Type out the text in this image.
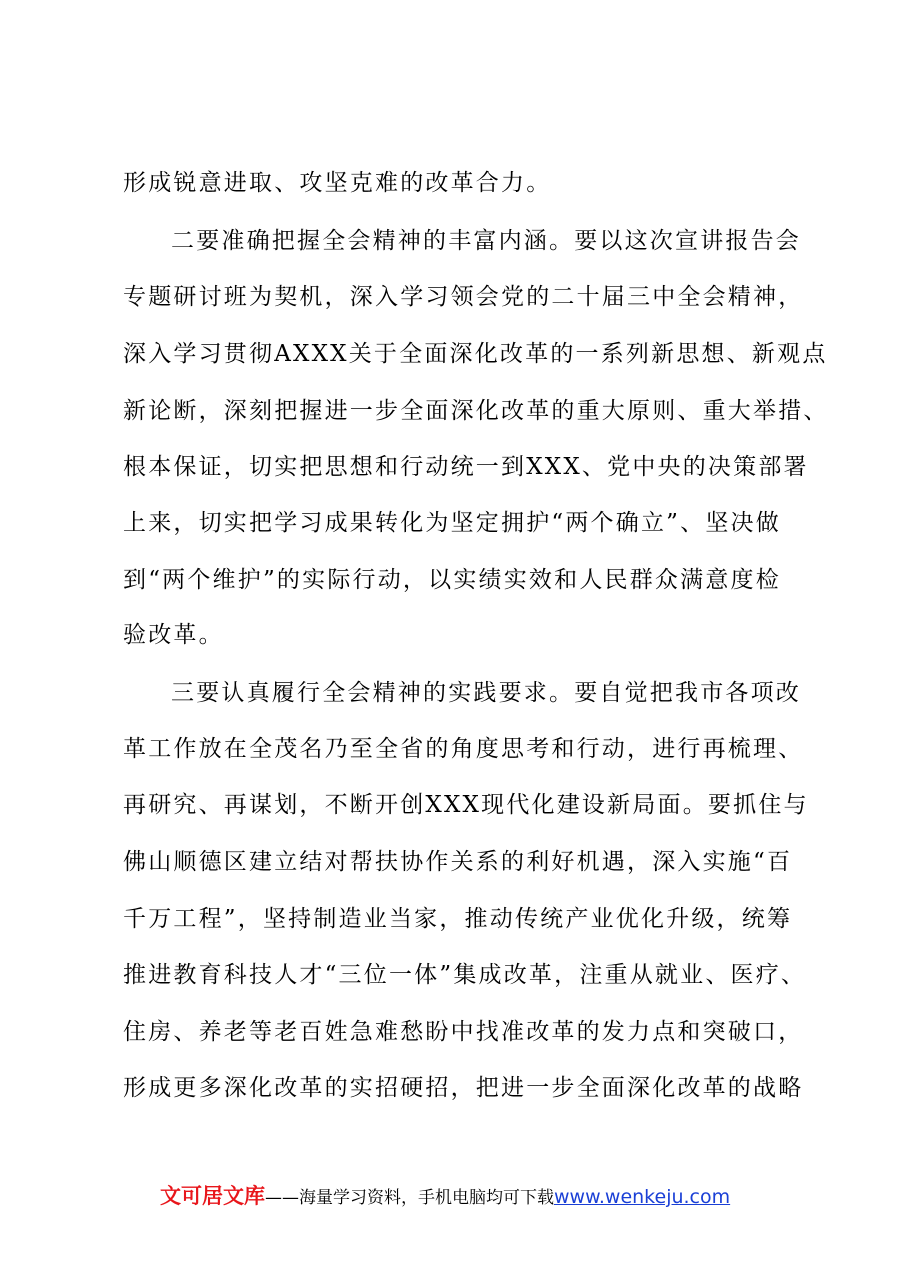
形成锐意进取、攻坚克难的改革合力。
二要准确把握全会精神的丰富内涵。要以这次宣讲报告会
专题研讨班为契机，深入学习领会党的二十届三中全会精神，
深入学习贯彻AXXX关于全面深化改革的一系列新思想、新观点
新论断，深刻把握进一步全面深化改革的重大原则、重大举措、
根本保证，切实把思想和行动统一到XXX、党中央的决策部署
上来，切实把学习成果转化为坚定拥护“两个确立”、坚决做
到“两个维护”的实际行动，以实绩实效和人民群众满意度检
验改革。
三要认真履行全会精神的实践要求。要自觉把我市各项改
革工作放在全茂名乃至全省的角度思考和行动，进行再梳理、
再研究、再谋划，不断开创XXX现代化建设新局面。要抓住与
佛山顺德区建立结对帮扶协作关系的利好机遇，深入实施“百
千万工程”，坚持制造业当家，推动传统产业优化升级，统筹
推进教育科技人才“三位一体”集成改革，注重从就业、医疗、
住房、养老等老百姓急难愁盼中找准改革的发力点和突破口，
形成更多深化改革的实招硬招，把进一步全面深化改革的战略
文可居文库——海量学习资料，手机电脑均可下载www.wenkeju.com
